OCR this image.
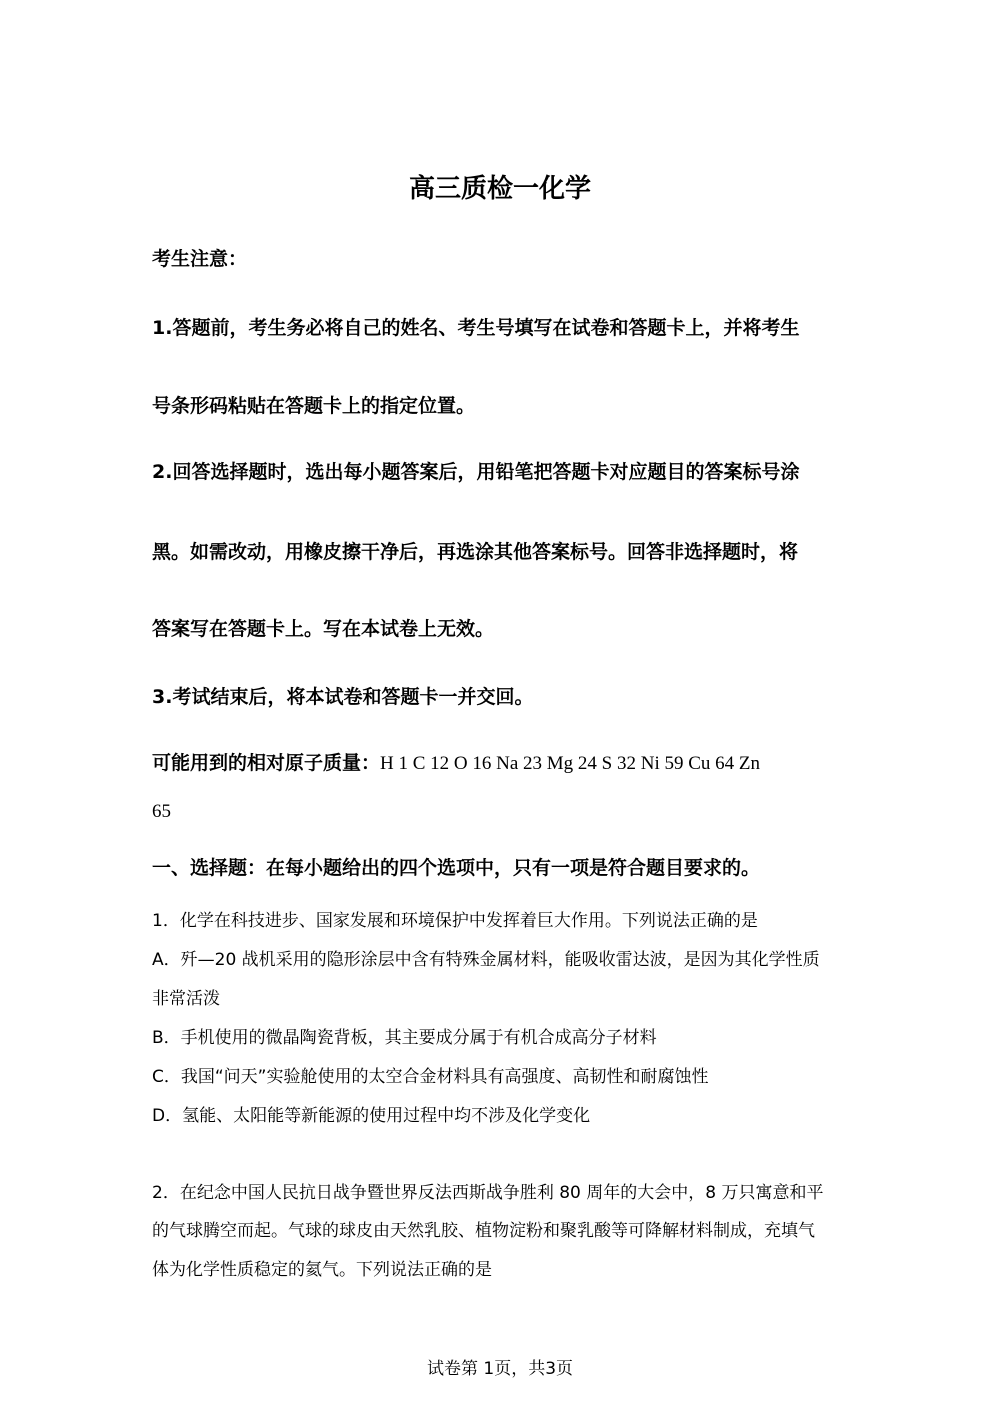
高三质检一化学
考生注意：
1.答题前，考生务必将自己的姓名、考生号填写在试卷和答题卡上，并将考生
号条形码粘贴在答题卡上的指定位置。
2.回答选择题时，选出每小题答案后，用铅笔把答题卡对应题目的答案标号涂
黑。如需改动，用橡皮擦干净后，再选涂其他答案标号。回答非选择题时，将
答案写在答题卡上。写在本试卷上无效。
3.考试结束后，将本试卷和答题卡一并交回。
可能用到的相对原子质量：H 1 C 12 O 16 Na 23 Mg 24 S 32 Ni 59 Cu 64 Zn
65
一、选择题：在每小题给出的四个选项中，只有一项是符合题目要求的。
1．化学在科技进步、国家发展和环境保护中发挥着巨大作用。下列说法正确的是
A．歼—20 战机采用的隐形涂层中含有特殊金属材料，能吸收雷达波，是因为其化学性质
非常活泼
B．手机使用的微晶陶瓷背板，其主要成分属于有机合成高分子材料
C．我国“问天”实验舱使用的太空合金材料具有高强度、高韧性和耐腐蚀性
D．氢能、太阳能等新能源的使用过程中均不涉及化学变化
2．在纪念中国人民抗日战争暨世界反法西斯战争胜利 80 周年的大会中，8 万只寓意和平
的气球腾空而起。气球的球皮由天然乳胶、植物淀粉和聚乳酸等可降解材料制成，充填气
体为化学性质稳定的氦气。下列说法正确的是
试卷第 1页，共3页
